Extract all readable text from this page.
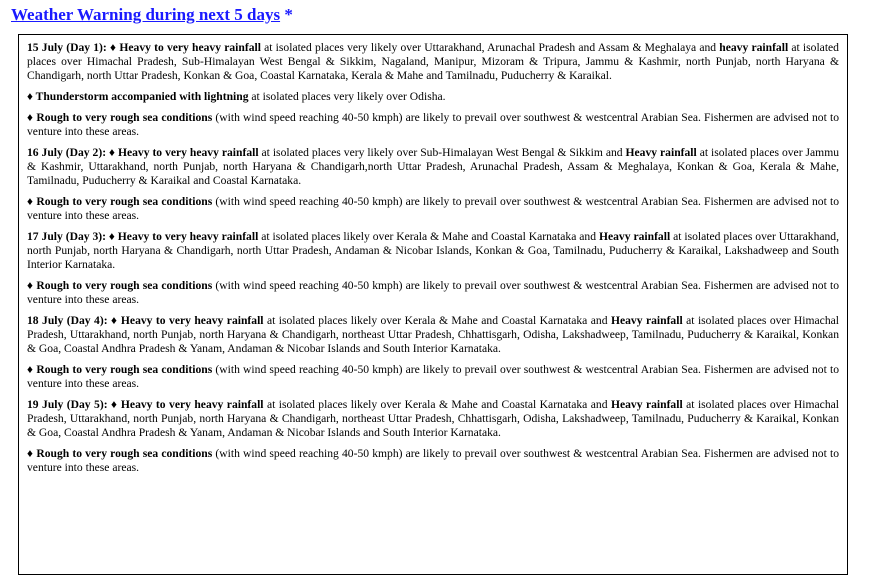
Weather Warning during next 5 days *

15 July (Day 1): ♦ Heavy to very heavy rainfall at isolated places very likely over Uttarakhand, Arunachal Pradesh and Assam & Meghalaya and heavy rainfall at isolated places over Himachal Pradesh, Sub-Himalayan West Bengal & Sikkim, Nagaland, Manipur, Mizoram & Tripura, Jammu & Kashmir, north Punjab, north Haryana & Chandigarh, north Uttar Pradesh, Konkan & Goa, Coastal Karnataka, Kerala & Mahe and Tamilnadu, Puducherry & Karaikal.

♦ Thunderstorm accompanied with lightning at isolated places very likely over Odisha.

♦ Rough to very rough sea conditions (with wind speed reaching 40-50 kmph) are likely to prevail over southwest & westcentral Arabian Sea. Fishermen are advised not to venture into these areas.

16 July (Day 2): ♦ Heavy to very heavy rainfall at isolated places very likely over Sub-Himalayan West Bengal & Sikkim and Heavy rainfall at isolated places over Jammu & Kashmir, Uttarakhand, north Punjab, north Haryana & Chandigarh,north Uttar Pradesh, Arunachal Pradesh, Assam & Meghalaya, Konkan & Goa, Kerala & Mahe, Tamilnadu, Puducherry & Karaikal and Coastal Karnataka.

♦ Rough to very rough sea conditions (with wind speed reaching 40-50 kmph) are likely to prevail over southwest & westcentral Arabian Sea. Fishermen are advised not to venture into these areas.

17 July (Day 3): ♦ Heavy to very heavy rainfall at isolated places likely over Kerala & Mahe and Coastal Karnataka and Heavy rainfall at isolated places over Uttarakhand, north Punjab, north Haryana & Chandigarh, north Uttar Pradesh, Andaman & Nicobar Islands, Konkan & Goa, Tamilnadu, Puducherry & Karaikal, Lakshadweep and South Interior Karnataka.

♦ Rough to very rough sea conditions (with wind speed reaching 40-50 kmph) are likely to prevail over southwest & westcentral Arabian Sea. Fishermen are advised not to venture into these areas.

18 July (Day 4): ♦ Heavy to very heavy rainfall at isolated places likely over Kerala & Mahe and Coastal Karnataka and Heavy rainfall at isolated places over Himachal Pradesh, Uttarakhand, north Punjab, north Haryana & Chandigarh, northeast Uttar Pradesh, Chhattisgarh, Odisha, Lakshadweep, Tamilnadu, Puducherry & Karaikal, Konkan & Goa, Coastal Andhra Pradesh & Yanam, Andaman & Nicobar Islands and South Interior Karnataka.

♦ Rough to very rough sea conditions (with wind speed reaching 40-50 kmph) are likely to prevail over southwest & westcentral Arabian Sea. Fishermen are advised not to venture into these areas.

19 July (Day 5): ♦ Heavy to very heavy rainfall at isolated places likely over Kerala & Mahe and Coastal Karnataka and Heavy rainfall at isolated places over Himachal Pradesh, Uttarakhand, north Punjab, north Haryana & Chandigarh, northeast Uttar Pradesh, Chhattisgarh, Odisha, Lakshadweep, Tamilnadu, Puducherry & Karaikal, Konkan & Goa, Coastal Andhra Pradesh & Yanam, Andaman & Nicobar Islands and South Interior Karnataka.

♦ Rough to very rough sea conditions (with wind speed reaching 40-50 kmph) are likely to prevail over southwest & westcentral Arabian Sea. Fishermen are advised not to venture into these areas.
